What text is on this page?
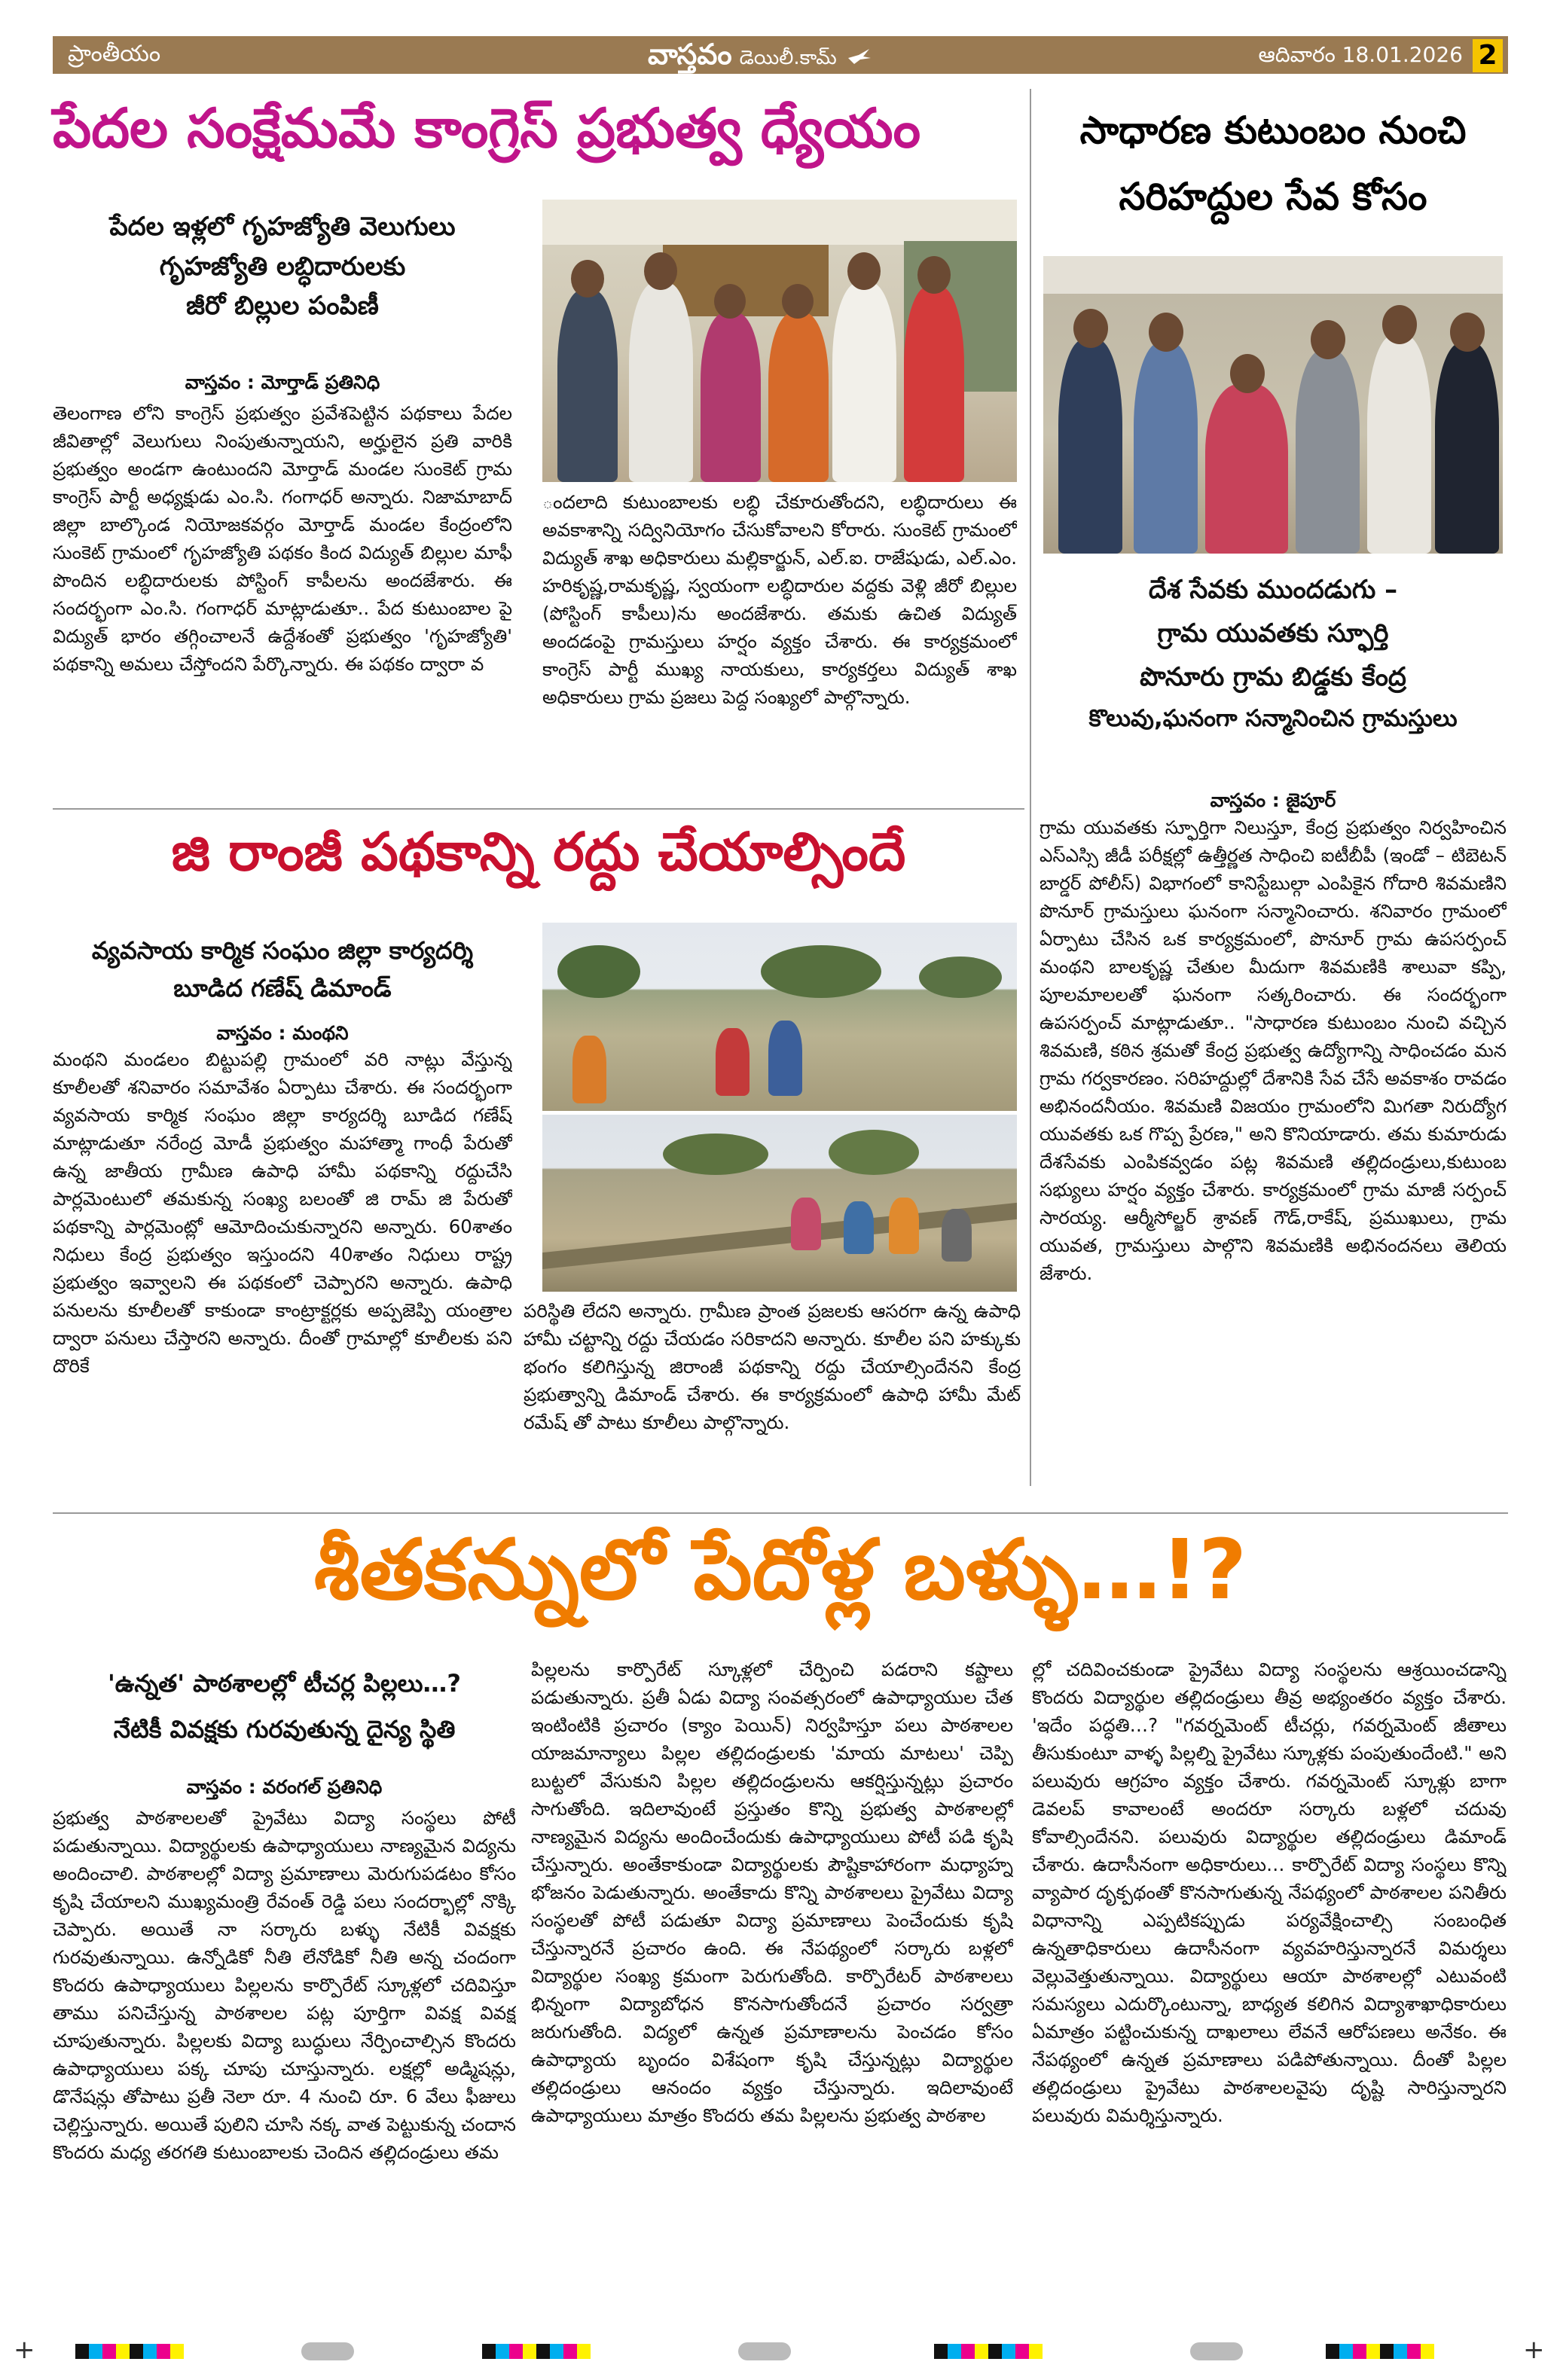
ప్రాంతీయం	వాస్తవం డెయిలీ.కామ్	ఆదివారం 18.01.2026 2
పేదల సంక్షేమమే కాంగ్రెస్ ప్రభుత్వ ధ్యేయం
పేదల ఇళ్లలో గృహజ్యోతి వెలుగులు
గృహజ్యోతి లబ్ధిదారులకు
జీరో బిల్లుల పంపిణీ
వాస్తవం : మోర్తాడ్ ప్రతినిధి
తెలంగాణ లోని కాంగ్రెస్ ప్రభుత్వం ప్రవేశపెట్టిన పథకాలు పేదల జీవితాల్లో వెలుగులు నింపుతున్నాయని, అర్హులైన ప్రతి వారికి ప్రభుత్వం అండగా ఉంటుందని మోర్తాడ్ మండల సుంకెట్ గ్రామ కాంగ్రెస్ పార్టీ అధ్యక్షుడు ఎం.సి. గంగాధర్ అన్నారు. నిజామాబాద్ జిల్లా బాల్కొండ నియోజకవర్గం మోర్తాడ్ మండల కేంద్రంలోని సుంకెట్ గ్రామంలో గృహజ్యోతి పథకం కింద విద్యుత్ బిల్లుల మాఫీ పొందిన లబ్ధిదారులకు పోస్టింగ్ కాపీలను అందజేశారు. ఈ సందర్భంగా ఎం.సి. గంగాధర్ మాట్లాడుతూ.. పేద కుటుంబాల పై విద్యుత్ భారం తగ్గించాలనే ఉద్దేశంతో ప్రభుత్వం 'గృహజ్యోతి' పథకాన్ని అమలు చేస్తోందని పేర్కొన్నారు. ఈ పథకం ద్వారా వ
ందలాది కుటుంబాలకు లబ్ధి చేకూరుతోందని, లబ్ధిదారులు ఈ అవకాశాన్ని సద్వినియోగం చేసుకోవాలని కోరారు. సుంకెట్ గ్రామంలో విద్యుత్ శాఖ అధికారులు మల్లికార్జున్, ఎల్.ఐ. రాజేషుడు, ఎల్.ఎం. హరికృష్ణ,రామకృష్ణ, స్వయంగా లబ్ధిదారుల వద్దకు వెళ్లి జీరో బిల్లుల (పోస్టింగ్ కాపీలు)ను అందజేశారు. తమకు ఉచిత విద్యుత్ అందడంపై గ్రామస్తులు హర్షం వ్యక్తం చేశారు. ఈ కార్యక్రమంలో కాంగ్రెస్ పార్టీ ముఖ్య నాయకులు, కార్యకర్తలు విద్యుత్ శాఖ అధికారులు గ్రామ ప్రజలు పెద్ద సంఖ్యలో పాల్గొన్నారు.
సాధారణ కుటుంబం నుంచి
సరిహద్దుల సేవ కోసం
దేశ సేవకు ముందడుగు –
గ్రామ యువతకు స్ఫూర్తి
పొనూరు గ్రామ బిడ్డకు కేంద్ర
కొలువు,ఘనంగా సన్మానించిన గ్రామస్తులు
వాస్తవం : జైపూర్
గ్రామ యువతకు స్ఫూర్తిగా నిలుస్తూ, కేంద్ర ప్రభుత్వం నిర్వహించిన ఎస్ఎస్సి జీడీ పరీక్షల్లో ఉత్తీర్ణత సాధించి ఐటీబీపీ (ఇండో – టిబెటన్ బార్డర్ పోలీస్) విభాగంలో కానిస్టేబుల్గా ఎంపికైన గోదారి శివమణిని పొనూర్ గ్రామస్తులు ఘనంగా సన్మానించారు. శనివారం గ్రామంలో ఏర్పాటు చేసిన ఒక కార్యక్రమంలో, పొనూర్ గ్రామ ఉపసర్పంచ్ మంథని బాలకృష్ణ చేతుల మీదుగా శివమణికి శాలువా కప్పి, పూలమాలలతో ఘనంగా సత్కరించారు. ఈ సందర్భంగా ఉపసర్పంచ్ మాట్లాడుతూ.. "సాధారణ కుటుంబం నుంచి వచ్చిన శివమణి, కఠిన శ్రమతో కేంద్ర ప్రభుత్వ ఉద్యోగాన్ని సాధించడం మన గ్రామ గర్వకారణం. సరిహద్దుల్లో దేశానికి సేవ చేసే అవకాశం రావడం అభినందనీయం. శివమణి విజయం గ్రామంలోని మిగతా నిరుద్యోగ యువతకు ఒక గొప్ప ప్రేరణ," అని కొనియాడారు. తమ కుమారుడు దేశసేవకు ఎంపికవ్వడం పట్ల శివమణి తల్లిదండ్రులు,కుటుంబ సభ్యులు హర్షం వ్యక్తం చేశారు. కార్యక్రమంలో గ్రామ మాజీ సర్పంచ్ సారయ్య. ఆర్మీసోల్జర్ శ్రావణ్ గౌడ్,రాకేష్, ప్రముఖులు, గ్రామ యువత, గ్రామస్తులు పాల్గొని శివమణికి అభినందనలు తెలియ జేశారు.
జి రాంజీ పథకాన్ని రద్దు చేయాల్సిందే
వ్యవసాయ కార్మిక సంఘం జిల్లా కార్యదర్శి
బూడిద గణేష్ డిమాండ్
వాస్తవం : మంథని
మంథని మండలం బిట్టుపల్లి గ్రామంలో వరి నాట్లు వేస్తున్న కూలీలతో శనివారం సమావేశం ఏర్పాటు చేశారు. ఈ సందర్భంగా వ్యవసాయ కార్మిక సంఘం జిల్లా కార్యదర్శి బూడిద గణేష్ మాట్లాడుతూ నరేంద్ర మోడీ ప్రభుత్వం మహాత్మా గాంధీ పేరుతో ఉన్న జాతీయ గ్రామీణ ఉపాధి హామీ పథకాన్ని రద్దుచేసి పార్లమెంటులో తమకున్న సంఖ్య బలంతో జి రామ్ జి పేరుతో పథకాన్ని పార్లమెంట్లో ఆమోదించుకున్నారని అన్నారు. 60శాతం నిధులు కేంద్ర ప్రభుత్వం ఇస్తుందని 40శాతం నిధులు రాష్ట్ర ప్రభుత్వం ఇవ్వాలని ఈ పథకంలో చెప్పారని అన్నారు. ఉపాధి పనులను కూలీలతో కాకుండా కాంట్రాక్టర్లకు అప్పజెప్పి యంత్రాల ద్వారా పనులు చేస్తారని అన్నారు. దీంతో గ్రామాల్లో కూలీలకు పని దొరికే
పరిస్థితి లేదని అన్నారు. గ్రామీణ ప్రాంత ప్రజలకు ఆసరగా ఉన్న ఉపాధి హామీ చట్టాన్ని రద్దు చేయడం సరికాదని అన్నారు. కూలీల పని హక్కుకు భంగం కలిగిస్తున్న జిరాంజీ పథకాన్ని రద్దు చేయాల్సిందేనని కేంద్ర ప్రభుత్వాన్ని డిమాండ్ చేశారు. ఈ కార్యక్రమంలో ఉపాధి హామీ మేట్ రమేష్ తో పాటు కూలీలు పాల్గొన్నారు.
శీతకన్నులో పేదోళ్ల బళ్ళు…!?
'ఉన్నత' పాఠశాలల్లో టీచర్ల పిల్లలు…?
నేటికీ వివక్షకు గురవుతున్న దైన్య స్థితి
వాస్తవం : వరంగల్ ప్రతినిధి
ప్రభుత్వ పాఠశాలలతో ప్రైవేటు విద్యా సంస్థలు పోటీ పడుతున్నాయి. విద్యార్థులకు ఉపాధ్యాయులు నాణ్యమైన విద్యను అందించాలి. పాఠశాలల్లో విద్యా ప్రమాణాలు మెరుగుపడటం కోసం కృషి చేయాలని ముఖ్యమంత్రి రేవంత్ రెడ్డి పలు సందర్భాల్లో నొక్కి చెప్పారు. అయితే నా సర్కారు బళ్ళు నేటికీ వివక్షకు గురవుతున్నాయి. ఉన్నోడికో నీతి లేనోడికో నీతి అన్న చందంగా కొందరు ఉపాధ్యాయులు పిల్లలను కార్పొరేట్ స్కూళ్లలో చదివిస్తూ తాము పనిచేస్తున్న పాఠశాలల పట్ల పూర్తిగా వివక్ష వివక్ష చూపుతున్నారు. పిల్లలకు విద్యా బుద్ధులు నేర్పించాల్సిన కొందరు ఉపాధ్యాయులు పక్క చూపు చూస్తున్నారు. లక్షల్లో అడ్మిషన్లు, డొనేషన్లు తోపాటు ప్రతీ నెలా రూ. 4 నుంచి రూ. 6 వేలు ఫీజులు చెల్లిస్తున్నారు. అయితే పులిని చూసి నక్క వాత పెట్టుకున్న చందాన కొందరు మధ్య తరగతి కుటుంబాలకు చెందిన తల్లిదండ్రులు తమ
పిల్లలను కార్పొరేట్ స్కూళ్లలో చేర్పించి పడరాని కష్టాలు పడుతున్నారు. ప్రతీ ఏడు విద్యా సంవత్సరంలో ఉపాధ్యాయుల చేత ఇంటింటికి ప్రచారం (క్యాం పెయిన్) నిర్వహిస్తూ పలు పాఠశాలల యాజమాన్యాలు పిల్లల తల్లిదండ్రులకు 'మాయ మాటలు' చెప్పి బుట్టలో వేసుకుని పిల్లల తల్లిదండ్రులను ఆకర్షిస్తున్నట్లు ప్రచారం సాగుతోంది. ఇదిలావుంటే ప్రస్తుతం కొన్ని ప్రభుత్వ పాఠశాలల్లో నాణ్యమైన విద్యను అందించేందుకు ఉపాధ్యాయులు పోటీ పడి కృషి చేస్తున్నారు. అంతేకాకుండా విద్యార్థులకు పౌష్టికాహారంగా మధ్యాహ్న భోజనం పెడుతున్నారు. అంతేకాదు కొన్ని పాఠశాలలు ప్రైవేటు విద్యా సంస్థలతో పోటీ పడుతూ విద్యా ప్రమాణాలు పెంచేందుకు కృషి చేస్తున్నారనే ప్రచారం ఉంది. ఈ నేపథ్యంలో సర్కారు బళ్లలో విద్యార్థుల సంఖ్య క్రమంగా పెరుగుతోంది. కార్పొరేటర్ పాఠశాలలు భిన్నంగా విద్యాబోధన కొనసాగుతోందనే ప్రచారం సర్వత్రా జరుగుతోంది. విద్యలో ఉన్నత ప్రమాణాలను పెంచడం కోసం ఉపాధ్యాయ బృందం విశేషంగా కృషి చేస్తున్నట్లు విద్యార్థుల తల్లిదండ్రులు ఆనందం వ్యక్తం చేస్తున్నారు. ఇదిలావుంటే ఉపాధ్యాయులు మాత్రం కొందరు తమ పిల్లలను ప్రభుత్వ పాఠశాల
ల్లో చదివించకుండా ప్రైవేటు విద్యా సంస్థలను ఆశ్రయించడాన్ని కొందరు విద్యార్థుల తల్లిదండ్రులు తీవ్ర అభ్యంతరం వ్యక్తం చేశారు. 'ఇదేం పద్ధతి…? "గవర్నమెంట్ టీచర్లు, గవర్నమెంట్ జీతాలు తీసుకుంటూ వాళ్ళ పిల్లల్ని ప్రైవేటు స్కూళ్లకు పంపుతుందేంటి." అని పలువురు ఆగ్రహం వ్యక్తం చేశారు. గవర్నమెంట్ స్కూళ్లు బాగా డెవలప్ కావాలంటే అందరూ సర్కారు బళ్లలో చదువు కోవాల్సిందేనని. పలువురు విద్యార్థుల తల్లిదండ్రులు డిమాండ్ చేశారు. ఉదాసీనంగా అధికారులు… కార్పొరేట్ విద్యా సంస్థలు కొన్ని వ్యాపార దృక్పథంతో కొనసాగుతున్న నేపథ్యంలో పాఠశాలల పనితీరు విధానాన్ని ఎప్పటికప్పుడు పర్యవేక్షించాల్సి సంబంధిత ఉన్నతాధికారులు ఉదాసీనంగా వ్యవహరిస్తున్నారనే విమర్శలు వెల్లువెత్తుతున్నాయి. విద్యార్థులు ఆయా పాఠశాలల్లో ఎటువంటి సమస్యలు ఎదుర్కొంటున్నా, బాధ్యత కలిగిన విద్యాశాఖాధికారులు ఏమాత్రం పట్టించుకున్న దాఖలాలు లేవనే ఆరోపణలు అనేకం. ఈ నేపథ్యంలో ఉన్నత ప్రమాణాలు పడిపోతున్నాయి. దీంతో పిల్లల తల్లిదండ్రులు ప్రైవేటు పాఠశాలలవైపు దృష్టి సారిస్తున్నారని పలువురు విమర్శిస్తున్నారు.
+	+
